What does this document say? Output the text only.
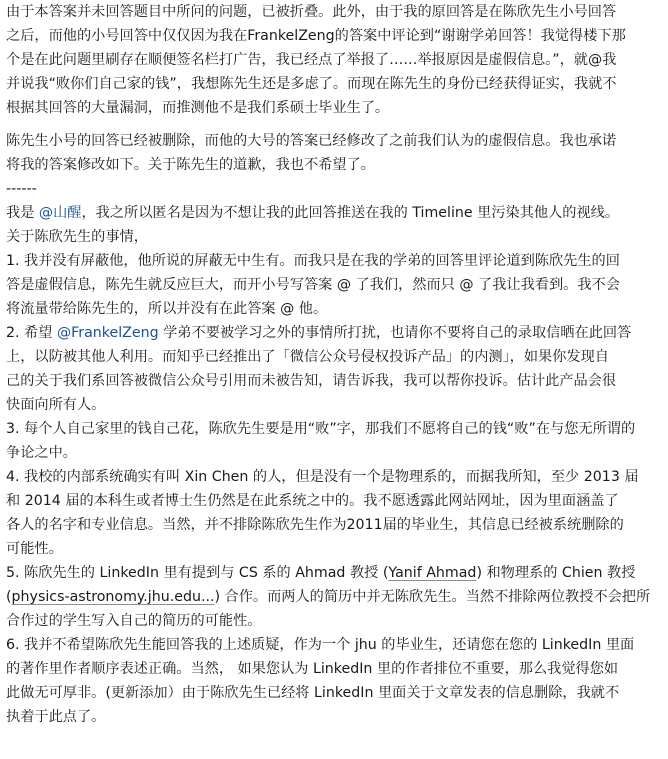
由于本答案并未回答题目中所问的问题，已被折叠。此外，由于我的原回答是在陈欣先生小号回答
之后，而他的小号回答中仅仅因为我在FrankelZeng的答案中评论到“谢谢学弟回答！我觉得楼下那
个是在此问题里刷存在顺便签名栏打广告，我已经点了举报了……举报原因是虚假信息。”，就@我
并说我“败你们自己家的钱”，我想陈先生还是多虑了。而现在陈先生的身份已经获得证实，我就不
根据其回答的大量漏洞，而推测他不是我们系硕士毕业生了。
陈先生小号的回答已经被删除，而他的大号的答案已经修改了之前我们认为的虚假信息。我也承诺
将我的答案修改如下。关于陈先生的道歉，我也不希望了。
------
我是 @山醒，我之所以匿名是因为不想让我的此回答推送在我的 Timeline 里污染其他人的视线。
关于陈欣先生的事情，
1. 我并没有屏蔽他，他所说的屏蔽无中生有。而我只是在我的学弟的回答里评论道到陈欣先生的回
答是虚假信息，陈先生就反应巨大，而开小号写答案 @ 了我们，然而只 @ 了我让我看到。我不会
将流量带给陈先生的，所以并没有在此答案 @ 他。
2. 希望 @FrankelZeng 学弟不要被学习之外的事情所打扰，也请你不要将自己的录取信晒在此回答
上，以防被其他人利用。而知乎已经推出了「微信公众号侵权投诉产品」的内测」，如果你发现自
己的关于我们系回答被微信公众号引用而未被告知，请告诉我，我可以帮你投诉。估计此产品会很
快面向所有人。
3. 每个人自己家里的钱自己花，陈欣先生要是用“败”字，那我们不愿将自己的钱“败”在与您无所谓的
争论之中。
4. 我校的内部系统确实有叫 Xin Chen 的人，但是没有一个是物理系的，而据我所知，至少 2013 届
和 2014 届的本科生或者博士生仍然是在此系统之中的。我不愿透露此网站网址，因为里面涵盖了
各人的名字和专业信息。当然，并不排除陈欣先生作为2011届的毕业生，其信息已经被系统删除的
可能性。
5. 陈欣先生的 LinkedIn 里有提到与 CS 系的 Ahmad 教授 (Yanif Ahmad) 和物理系的 Chien 教授
(physics-astronomy.jhu.edu...) 合作。而两人的简历中并无陈欣先生。当然不排除两位教授不会把所
合作过的学生写入自己的简历的可能性。
6. 我并不希望陈欣先生能回答我的上述质疑，作为一个 jhu 的毕业生，还请您在您的 LinkedIn 里面
的著作里作者顺序表述正确。当然， 如果您认为 LinkedIn 里的作者排位不重要，那么我觉得您如
此做无可厚非。(更新添加）由于陈欣先生已经将 LinkedIn 里面关于文章发表的信息删除，我就不
执着于此点了。
